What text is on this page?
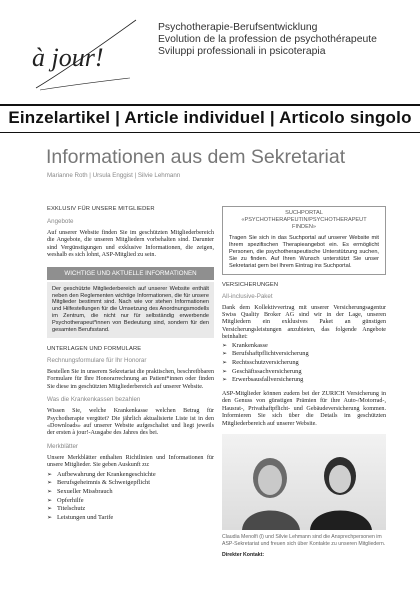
à jour!
Psychotherapie-Berufsentwicklung
Evolution de la profession de psychothérapeute
Sviluppi professionali in psicoterapia
Einzelartikel | Article individuel | Articolo singolo
Informationen aus dem Sekretariat
Marianne Roth | Ursula Enggist | Silvie Lehmann
EXKLUSIV FÜR UNSERE MITGLIEDER
Angebote
Auf unserer Website finden Sie im geschützten Mitgliederbereich die Angebote, die unseren Mitgliedern vorbehalten sind. Darunter sind Vergünstigungen und exklusive Informationen, die zeigen, weshalb es sich lohnt, ASP-Mitglied zu sein.
WICHTIGE UND AKTUELLE INFORMATIONEN
Der geschützte Mitgliederbereich auf unserer Website enthält neben den Reglementen wichtige Informationen, die für unsere Mitglieder bestimmt sind. Nach wie vor stehen Informationen und Hilfestellungen für die Umsetzung des Anordnungsmodells im Zentrum, die nicht nur für selbständig erwerbende Psychotherapeut*innen von Bedeutung sind, sondern für den gesamten Berufsstand.
UNTERLAGEN UND FORMULARE
Rechnungsformulare für Ihr Honorar
Bestellen Sie in unserem Sekretariat die praktischen, beschreibbaren Formulare für Ihre Honorarrechnung an Patient*innen oder finden Sie diese im geschützten Mitgliederbereich auf unserer Website.
Was die Krankenkassen bezahlen
Wissen Sie, welche Krankenkasse welchen Betrag für Psychotherapie vergütet? Die jährlich aktualisierte Liste ist in den «Downloads» auf unserer Website aufgeschaltet und liegt jeweils der ersten à jour!-Ausgabe des Jahres des bei.
Merkblätter
Unsere Merkblätter enthalten Richtlinien und Informationen für unsere Mitglieder. Sie geben Auskunft zu:
➢ Aufbewahrung der Krankengeschichte
➢ Berufsgeheimnis & Schweigepflicht
➢ Sexueller Missbrauch
➢ Opferhilfe
➢ Titelschutz
➢ Leistungen und Tarife
SUCHPORTAL
«PSYCHOTHERAPEUTIN/PSYCHOTHERAPEUT FINDEN»
Tragen Sie sich in das Suchportal auf unserer Website mit Ihrem spezifischen Therapieangebot ein. Es ermöglicht Personen, die psychotherapeutische Unterstützung suchen, Sie zu finden. Auf Ihren Wunsch unterstützt Sie unser Sekretariat gern bei Ihrem Eintrag ins Suchportal.
VERSICHERUNGEN
All-inclusive-Paket
Dank dem Kollektivvertrag mit unserer Versicherungsagentur Swiss Quality Broker AG sind wir in der Lage, unseren Mitgliedern ein exklusives Paket an günstigen Versicherungsleistungen anzubieten, das folgende Angebote beinhaltet:
➢ Krankenkasse
➢ Berufshaftpflichtversicherung
➢ Rechtsschutzversicherung
➢ Geschäftssachversicherung
➢ Erwerbsausfallversicherung
ASP-Mitglieder können zudem bei der ZURICH Versicherung in den Genuss von günstigen Prämien für ihre Auto-/Motorrad-, Hausrat-, Privathaftpflicht- und Gebäudeversicherung kommen. Informieren Sie sich über die Details im geschützten Mitgliederbereich auf unserer Website.
Claudia Menolfi (l) und Silvie Lehmann sind die Ansprechpersonen im ASP-Sekretariat und freuen sich über Kontakte zu unseren Mitgliedern.
Direkter Kontakt:
